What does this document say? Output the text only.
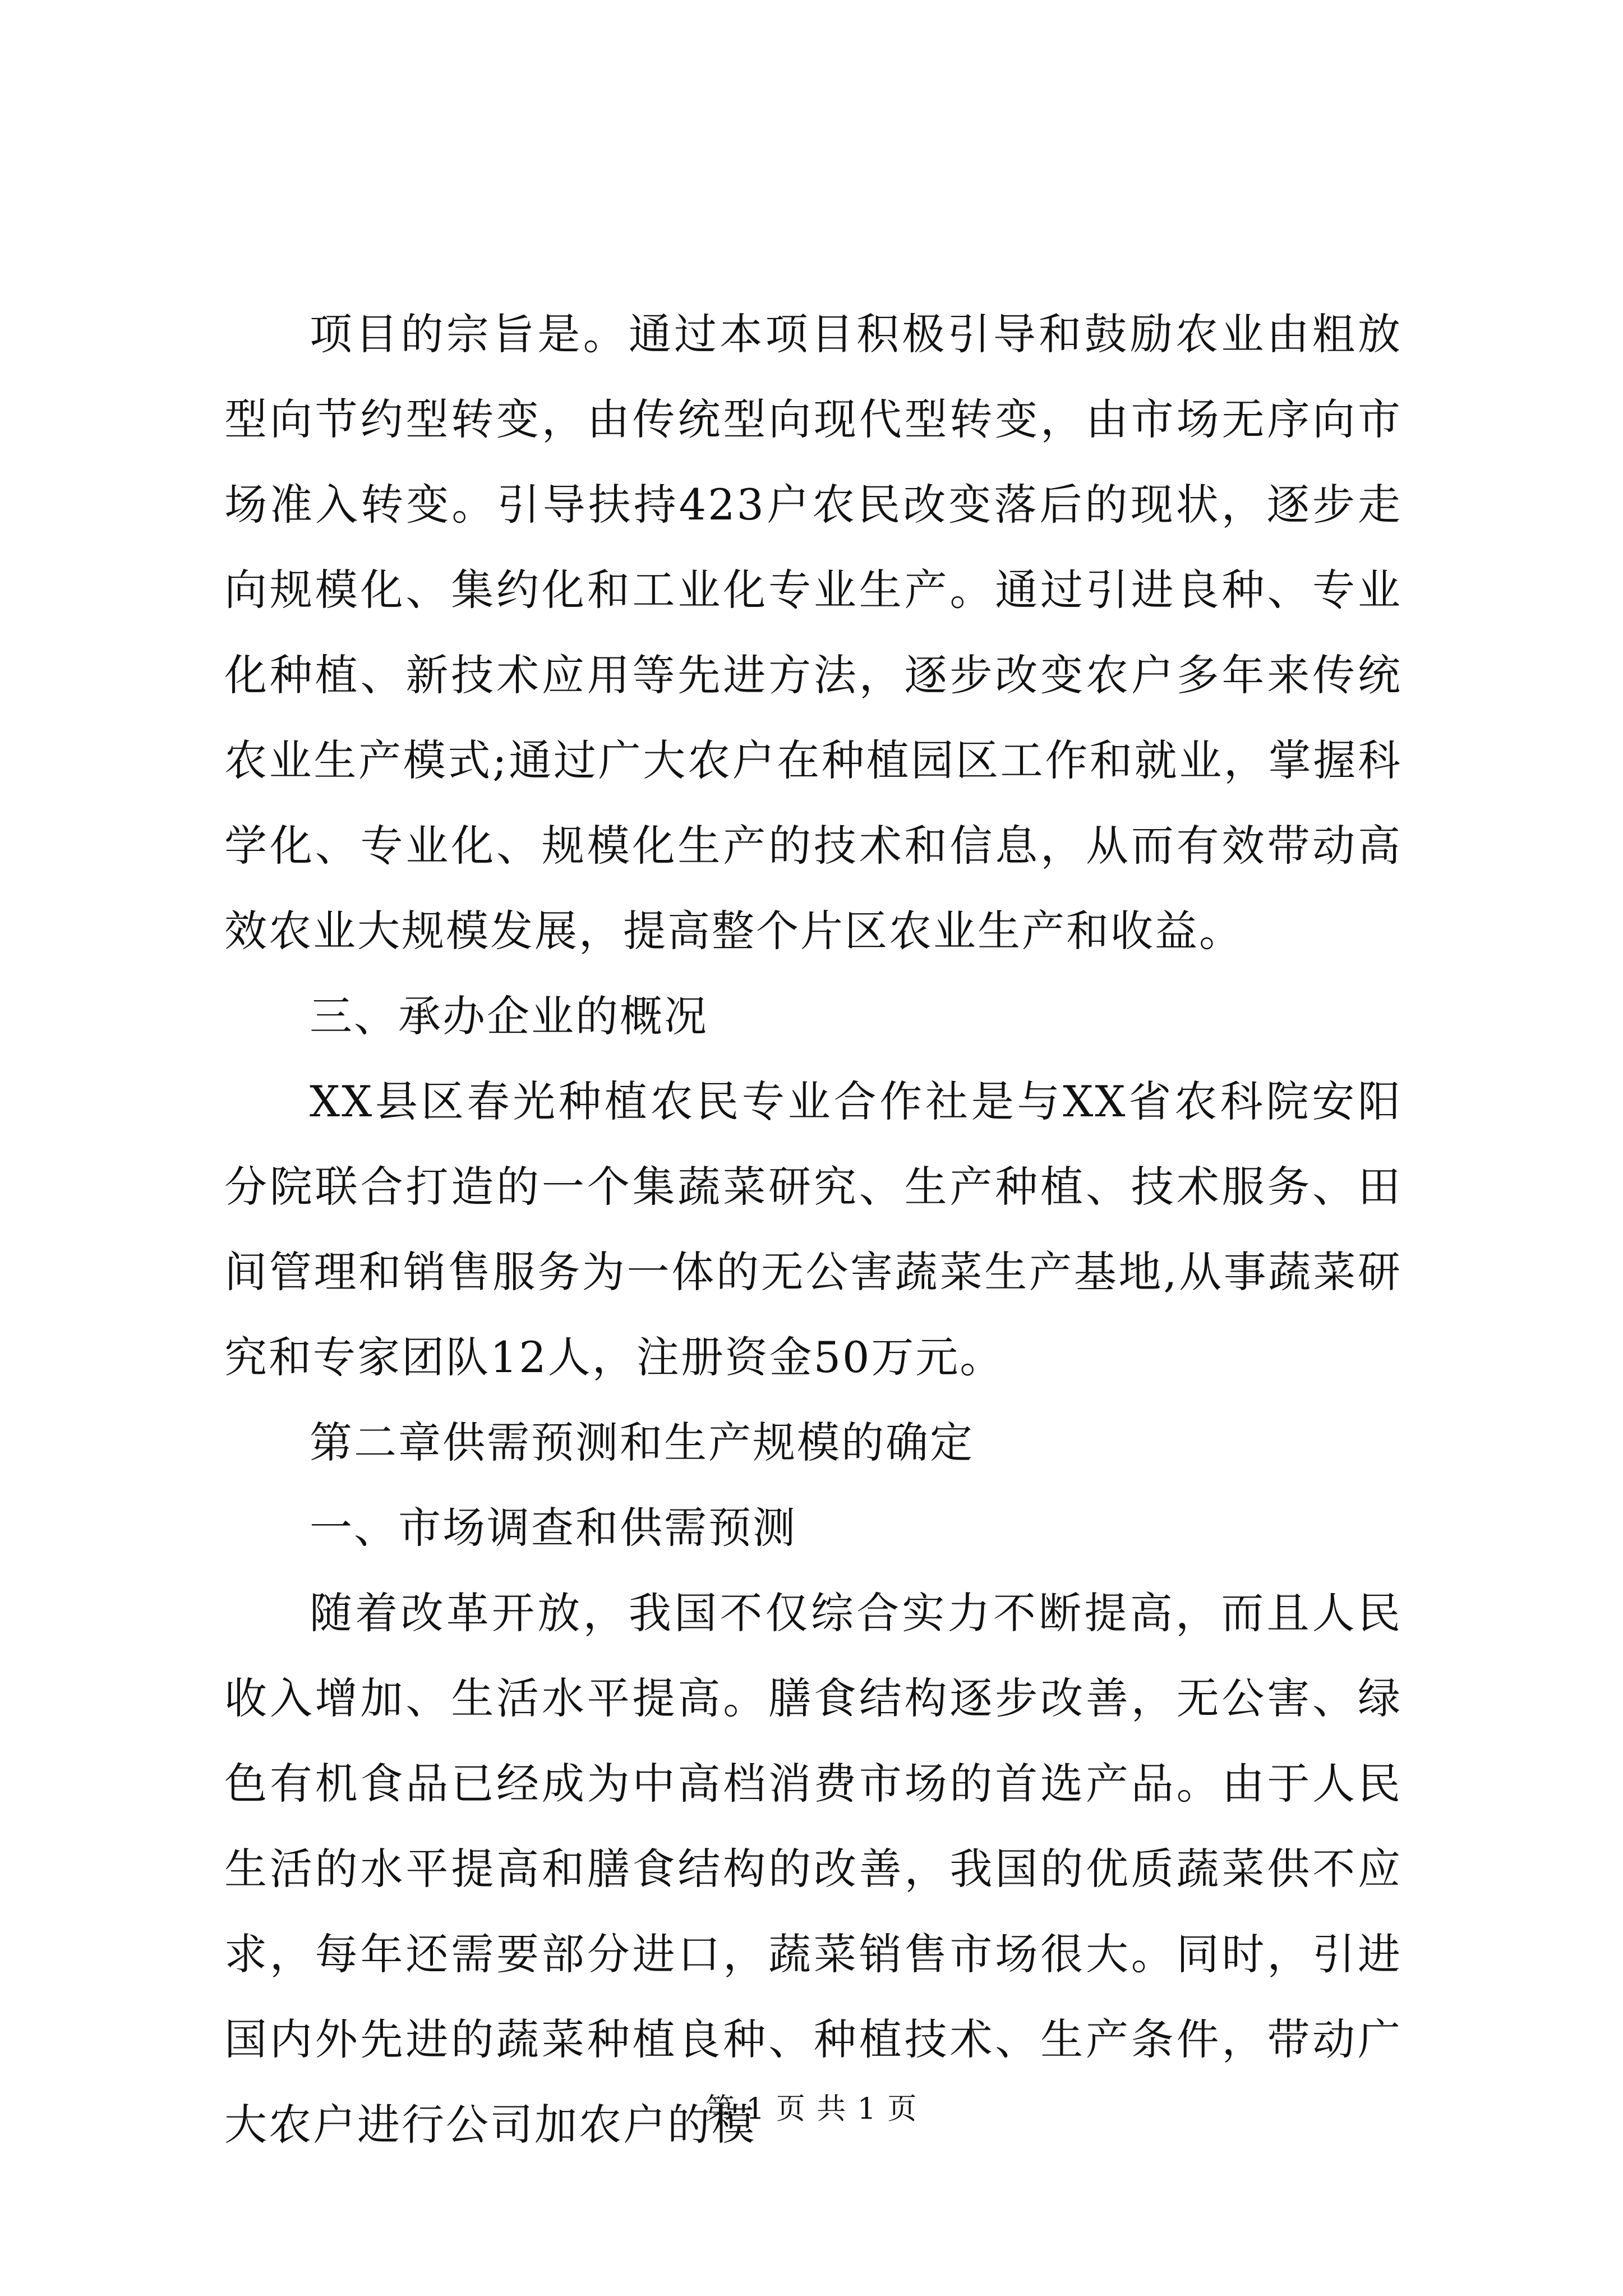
项目的宗旨是。通过本项目积极引导和鼓励农业由粗放型向节约型转变，由传统型向现代型转变，由市场无序向市场准入转变。引导扶持423户农民改变落后的现状，逐步走向规模化、集约化和工业化专业生产。通过引进良种、专业化种植、新技术应用等先进方法，逐步改变农户多年来传统农业生产模式;通过广大农户在种植园区工作和就业，掌握科学化、专业化、规模化生产的技术和信息，从而有效带动高效农业大规模发展，提高整个片区农业生产和收益。

三、承办企业的概况

XX县区春光种植农民专业合作社是与XX省农科院安阳分院联合打造的一个集蔬菜研究、生产种植、技术服务、田间管理和销售服务为一体的无公害蔬菜生产基地,从事蔬菜研究和专家团队12人，注册资金50万元。

第二章供需预测和生产规模的确定

一、市场调查和供需预测

随着改革开放，我国不仅综合实力不断提高，而且人民收入增加、生活水平提高。膳食结构逐步改善，无公害、绿色有机食品已经成为中高档消费市场的首选产品。由于人民生活的水平提高和膳食结构的改善，我国的优质蔬菜供不应求，每年还需要部分进口，蔬菜销售市场很大。同时，引进国内外先进的蔬菜种植良种、种植技术、生产条件，带动广大农户进行公司加农户的模

第 1 页 共 1 页
